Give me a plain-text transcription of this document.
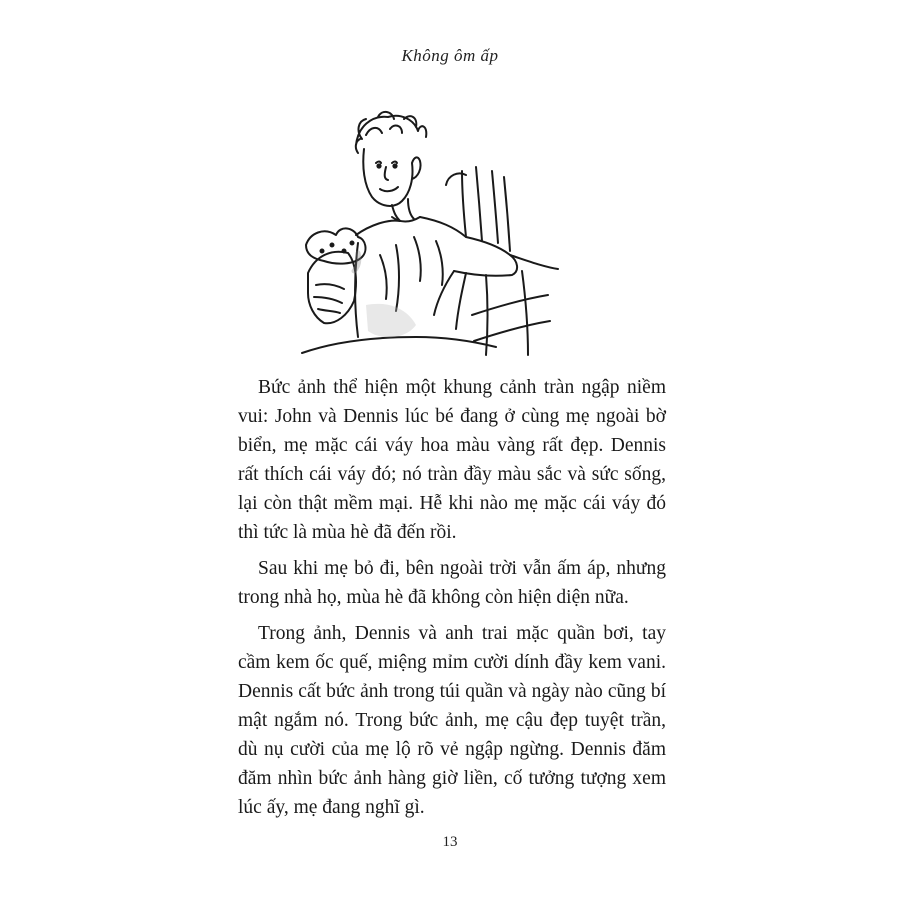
Không ôm ấp

Bức ảnh thể hiện một khung cảnh tràn ngập niềm vui: John và Dennis lúc bé đang ở cùng mẹ ngoài bờ biển, mẹ mặc cái váy hoa màu vàng rất đẹp. Dennis rất thích cái váy đó; nó tràn đầy màu sắc và sức sống, lại còn thật mềm mại. Hễ khi nào mẹ mặc cái váy đó thì tức là mùa hè đã đến rồi.

Sau khi mẹ bỏ đi, bên ngoài trời vẫn ấm áp, nhưng trong nhà họ, mùa hè đã không còn hiện diện nữa.

Trong ảnh, Dennis và anh trai mặc quần bơi, tay cầm kem ốc quế, miệng mỉm cười dính đầy kem vani. Dennis cất bức ảnh trong túi quần và ngày nào cũng bí mật ngắm nó. Trong bức ảnh, mẹ cậu đẹp tuyệt trần, dù nụ cười của mẹ lộ rõ vẻ ngập ngừng. Dennis đăm đăm nhìn bức ảnh hàng giờ liền, cố tưởng tượng xem lúc ấy, mẹ đang nghĩ gì.

13
